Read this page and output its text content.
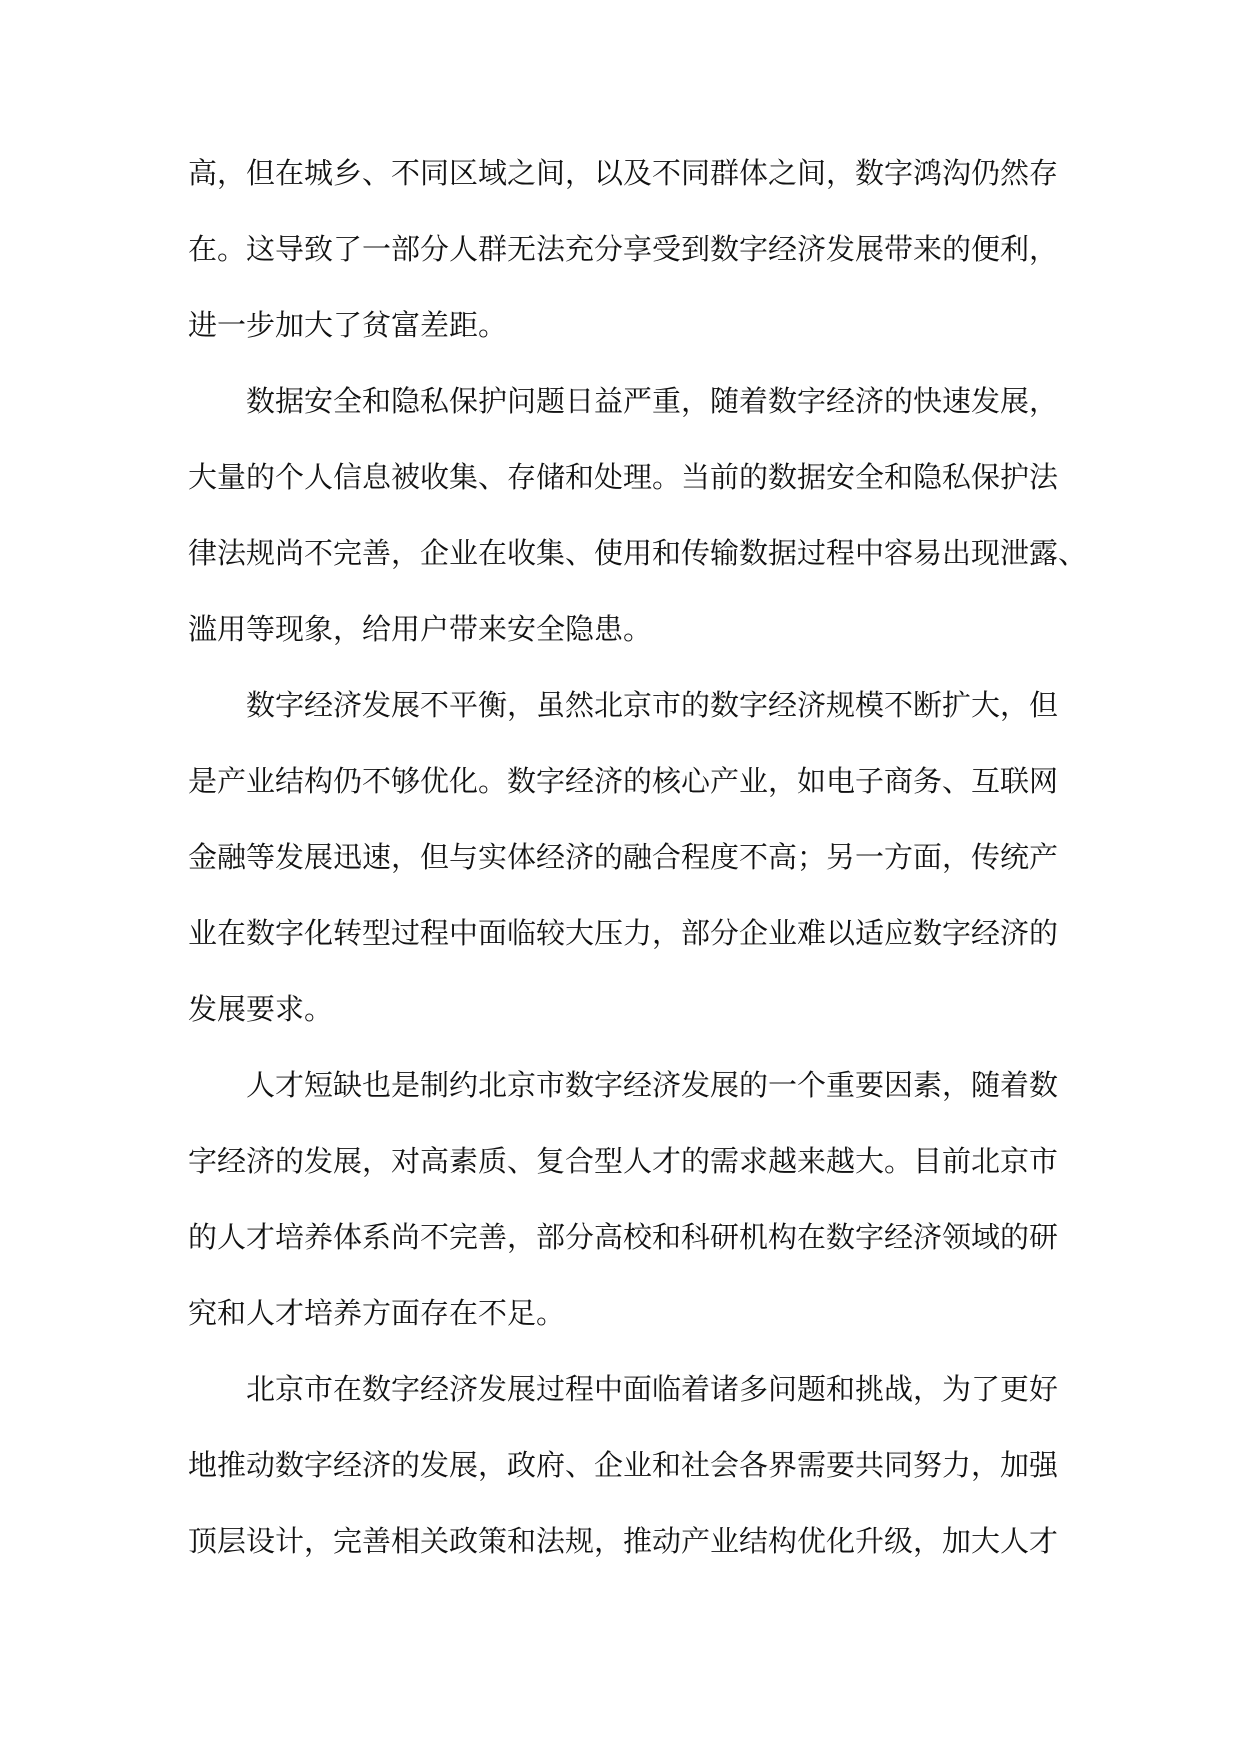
高，但在城乡、不同区域之间，以及不同群体之间，数字鸿沟仍然存
在。这导致了一部分人群无法充分享受到数字经济发展带来的便利，
进一步加大了贫富差距。
数据安全和隐私保护问题日益严重，随着数字经济的快速发展，
大量的个人信息被收集、存储和处理。当前的数据安全和隐私保护法
律法规尚不完善，企业在收集、使用和传输数据过程中容易出现泄露、
滥用等现象，给用户带来安全隐患。
数字经济发展不平衡，虽然北京市的数字经济规模不断扩大，但
是产业结构仍不够优化。数字经济的核心产业，如电子商务、互联网
金融等发展迅速，但与实体经济的融合程度不高；另一方面，传统产
业在数字化转型过程中面临较大压力，部分企业难以适应数字经济的
发展要求。
人才短缺也是制约北京市数字经济发展的一个重要因素，随着数
字经济的发展，对高素质、复合型人才的需求越来越大。目前北京市
的人才培养体系尚不完善，部分高校和科研机构在数字经济领域的研
究和人才培养方面存在不足。
北京市在数字经济发展过程中面临着诸多问题和挑战，为了更好
地推动数字经济的发展，政府、企业和社会各界需要共同努力，加强
顶层设计，完善相关政策和法规，推动产业结构优化升级，加大人才
